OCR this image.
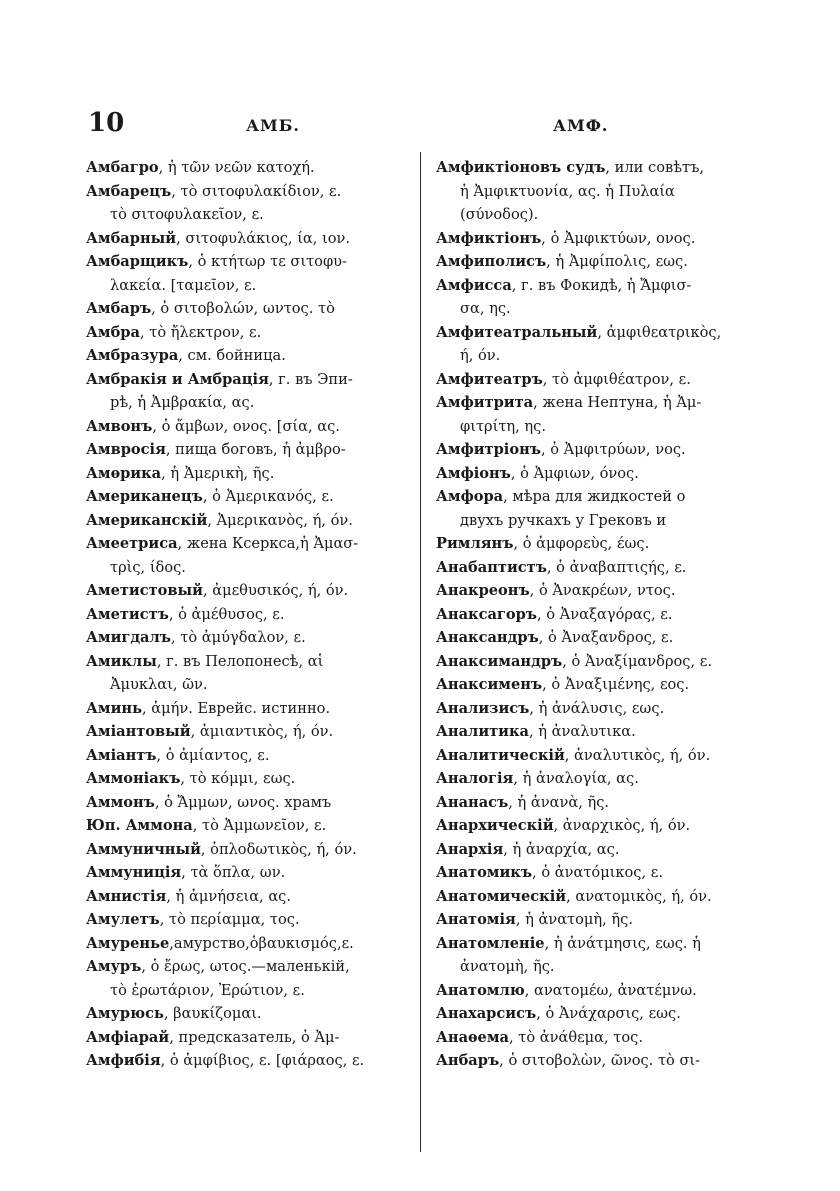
10	АМБ.	АМФ.
Амбагро, ἡ τῶν νεῶν κατοχή.
Амбарецъ, τὸ σιτοφυλακίδιον, ε.
τὸ σιτοφυλακεῖον, ε.
Амбарный, σιτοφυλάκιος, ία, ιον.
Амбарщикъ, ὁ κτήτωρ τε σιτοφυ-
λακεία. [ταμεῖον, ε.
Амбаръ, ὁ σιτοβολών, ωντος. τὸ
Амбра, τὸ ἤλεκτρον, ε.
Амбразура, см. бойница.
Амбракія и Амбрація, г. въ Эпи-
рѣ, ἡ Ἀμβρακία, ας.
Амвонъ, ὁ ἄμβων, ονος. [σία, ας.
Амвросія, пища боговъ, ἡ ἀμβρο-
Амѳрика, ἡ Ἀμερικὴ, ῆς.
Американецъ, ὁ Ἀμερικανός, ε.
Американскій, Ἀμερικανὸς, ή, όν.
Амеетриса, жена Ксеркса,ἡ Ἀμασ-
τρὶς, ίδος.
Аметистовый, ἀμεθυσικός, ή, όν.
Аметистъ, ὁ ἀμέθυσος, ε.
Амигдалъ, τὸ ἀμύγδαλον, ε.
Амиклы, г. въ Пелопонесѣ, αἱ
Ἀμυκλαι, ῶν.
Аминь, ἀμήν. Еврейс. истинно.
Аміантовый, ἀμιαντικὸς, ή, όν.
Аміантъ, ὁ ἀμίαντος, ε.
Аммоніакъ, τὸ κόμμι, εως.
Аммонъ, ὁ Ἄμμων, ωνος. храмъ
Юп. Аммона, τὸ Ἀμμωνεῖον, ε.
Аммуничный, ὁπλοδωτικὸς, ή, όν.
Аммуниція, τὰ ὅπλα, ων.
Амнистія, ἡ ἀμνήσεια, ας.
Амулетъ, τὸ περίαμμα, τος.
Амуренье,амурство,ὁβαυκισμός,ε.
Амуръ, ὁ ἔρως, ωτος.—маленькій,
τὸ ἐρωτάριον, Ἐρώτιον, ε.
Амурюсь, βαυκίζομαι.
Амфіарай, предсказатель, ὁ Ἀμ-
Амфибія, ὁ ἀμφίβιος, ε. [φιάραος, ε.
Амфиктіоновъ судъ, или совѣтъ,
ἡ Ἀμφικτυονία, ας. ἡ Πυλαία
(σύνοδος).
Амфиктіонъ, ὁ Ἀμφικτύων, ονος.
Амфиполисъ, ἡ Ἀμφίπολις, εως.
Амфисса, г. въ Фокидѣ, ἡ Ἄμφισ-
σα, ης.
Амфитеатральный, ἀμφιθεατρικὸς,
ή, όν.
Амфитеатръ, τὸ ἀμφιθέατρον, ε.
Амфитрита, жена Нептуна, ἡ Ἀμ-
φιτρίτη, ης.
Амфитріонъ, ὁ Ἀμφιτρύων, νος.
Амфіонъ, ὁ Ἀμφιων, όνος.
Амфора, мѣра для жидкостей о
двухъ ручкахъ у Грековъ и
Римлянъ, ὁ ἀμφορεὺς, έως.
Анабаптистъ, ὁ ἀναβαπτιςής, ε.
Анакреонъ, ὁ Ἀνακρέων, ντος.
Анаксагоръ, ὁ Ἀναξαγόρας, ε.
Анаксандръ, ὁ Ἀναξανδρος, ε.
Анаксимандръ, ὁ Ἀναξίμανδρος, ε.
Анаксименъ, ὁ Ἀναξιμένης, εος.
Анализисъ, ἡ ἀνάλυσις, εως.
Аналитика, ἡ ἀναλυτικα.
Аналитическій, ἀναλυτικὸς, ή, όν.
Аналогія, ἡ ἀναλογία, ας.
Ананасъ, ἡ ἀνανὰ, ῆς.
Анархическій, ἀναρχικὸς, ή, όν.
Анархія, ἡ ἀναρχία, ας.
Анатомикъ, ὁ ἀνατόμικος, ε.
Анатомическій, ανατομικὸς, ή, όν.
Анатомія, ἡ ἀνατομὴ, ῆς.
Анатомленіе, ἡ ἀνάτμησις, εως. ἡ
ἀνατομὴ, ῆς.
Анатомлю, ανατομέω, ἀνατέμνω.
Анахарсисъ, ὁ Ἀνάχαρσις, εως.
Анаѳема, τὸ ἀνάθεμα, τος.
Анбаръ, ὁ σιτοβολὼν, ῶνος. τὸ σι-
